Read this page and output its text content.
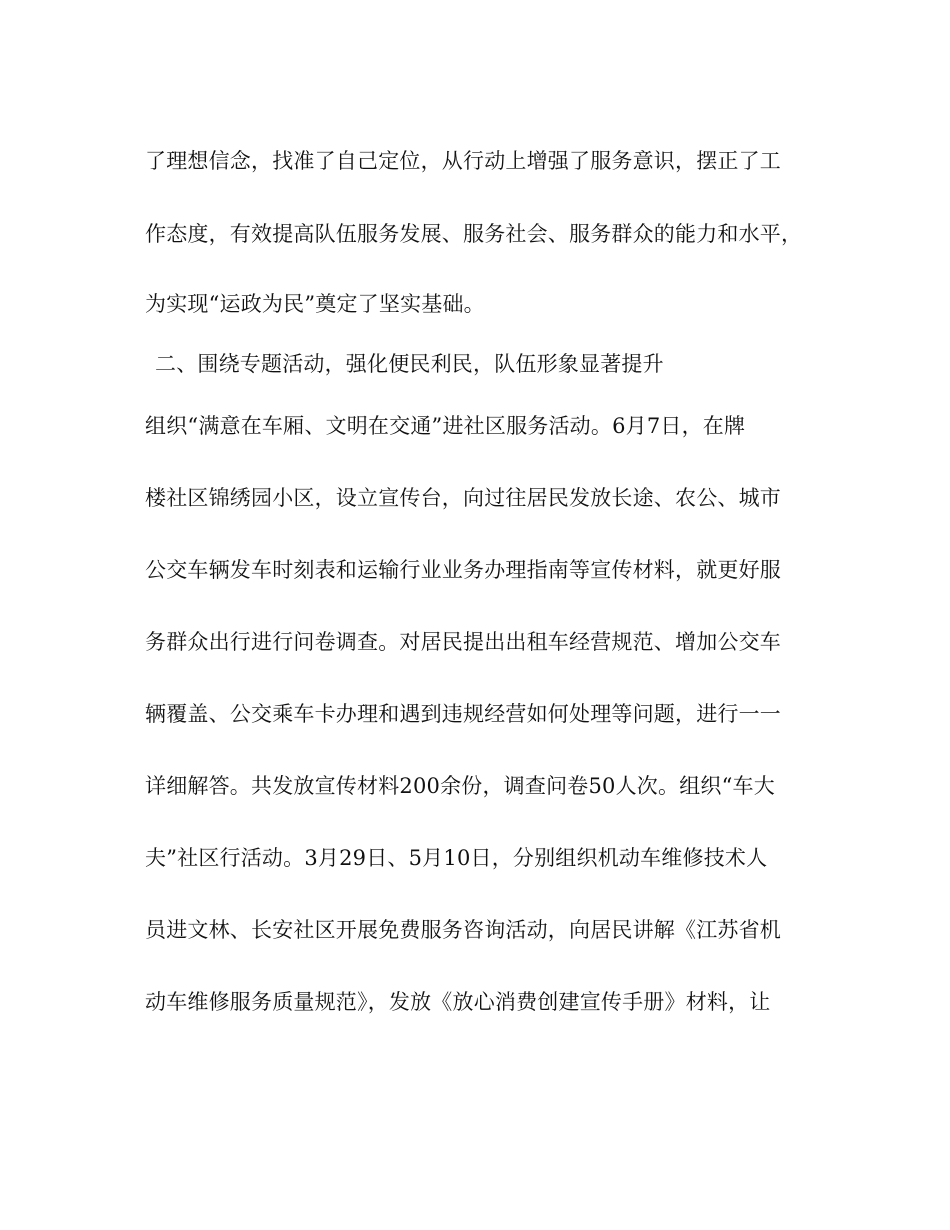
了理想信念，找准了自己定位，从行动上增强了服务意识，摆正了工
作态度，有效提高队伍服务发展、服务社会、服务群众的能力和水平，
为实现“运政为民”奠定了坚实基础。
二、围绕专题活动，强化便民利民，队伍形象显著提升
组织“满意在车厢、文明在交通”进社区服务活动。6月7日，在牌
楼社区锦绣园小区，设立宣传台，向过往居民发放长途、农公、城市
公交车辆发车时刻表和运输行业业务办理指南等宣传材料，就更好服
务群众出行进行问卷调查。对居民提出出租车经营规范、增加公交车
辆覆盖、公交乘车卡办理和遇到违规经营如何处理等问题，进行一一
详细解答。共发放宣传材料200余份，调查问卷50人次。组织“车大
夫”社区行活动。3月29日、5月10日，分别组织机动车维修技术人
员进文林、长安社区开展免费服务咨询活动，向居民讲解《江苏省机
动车维修服务质量规范》，发放《放心消费创建宣传手册》材料，让
